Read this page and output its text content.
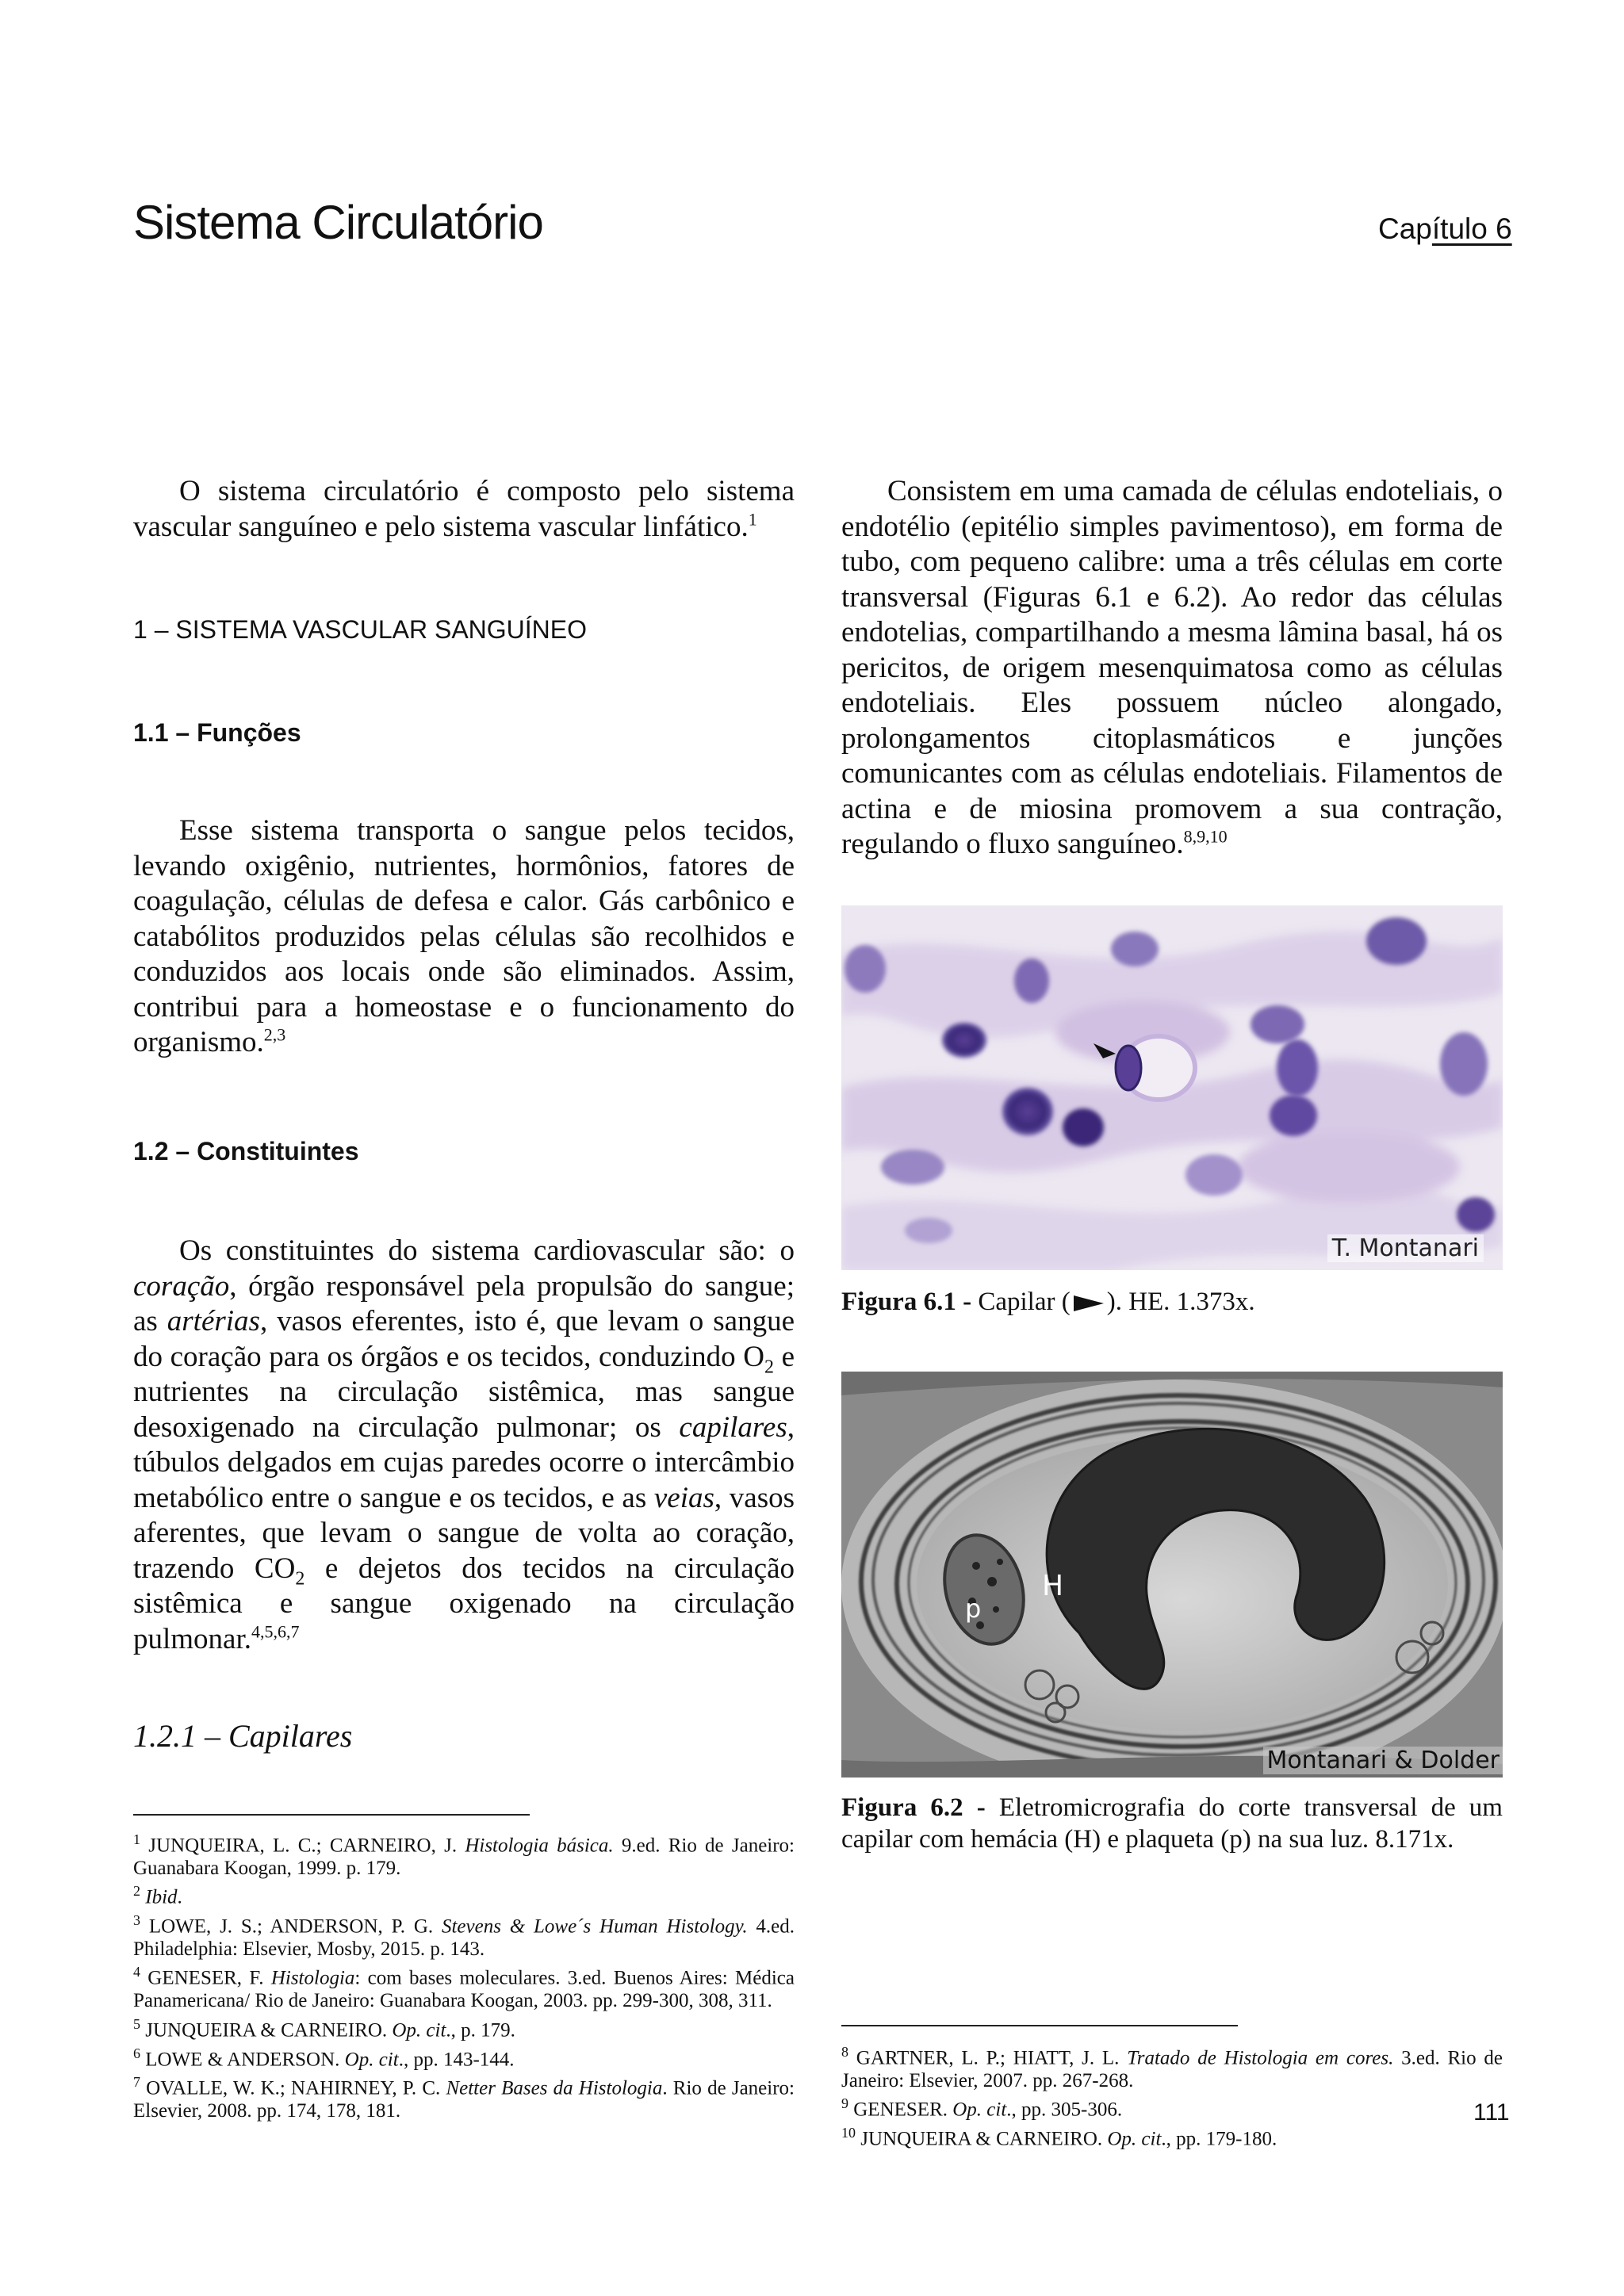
Sistema Circulatório	Capítulo 6

O sistema circulatório é composto pelo sistema vascular sanguíneo e pelo sistema vascular linfático.$^1$

1 – SISTEMA VASCULAR SANGUÍNEO
1.1 – Funções

Esse sistema transporta o sangue pelos tecidos, levando oxigênio, nutrientes, hormônios, fatores de coagulação, células de defesa e calor. Gás carbônico e catabólitos produzidos pelas células são recolhidos e conduzidos aos locais onde são eliminados. Assim, contribui para a homeostase e o funcionamento do organismo.$^{2,3}$

1.2 – Constituintes

Os constituintes do sistema cardiovascular são: o coração, órgão responsável pela propulsão do sangue; as artérias, vasos eferentes, isto é, que levam o sangue do coração para os órgãos e os tecidos, conduzindo $O_2$ e nutrientes na circulação sistêmica, mas sangue desoxigenado na circulação pulmonar; os capilares, túbulos delgados em cujas paredes ocorre o intercâmbio metabólico entre o sangue e os tecidos, e as veias, vasos aferentes, que levam o sangue de volta ao coração, trazendo $CO_2$ e dejetos dos tecidos na circulação sistêmica e sangue oxigenado na circulação pulmonar.$^{4,5,6,7}$

1.2.1 – Capilares

$^1$ JUNQUEIRA, L. C.; CARNEIRO, J. Histologia básica. 9.ed. Rio de Janeiro: Guanabara Koogan, 1999. p. 179.

$^2$ Ibid.

$^3$ LOWE, J. S.; ANDERSON, P. G. Stevens & Lowe´s Human Histology. 4.ed. Philadelphia: Elsevier, Mosby, 2015. p. 143.

$^4$ GENESER, F. Histologia: com bases moleculares. 3.ed. Buenos Aires: Médica Panamericana/ Rio de Janeiro: Guanabara Koogan, 2003. pp. 299-300, 308, 311.

$^5$ JUNQUEIRA & CARNEIRO. Op. cit., p. 179.

$^6$ LOWE & ANDERSON. Op. cit., pp. 143-144.

$^7$ OVALLE, W. K.; NAHIRNEY, P. C. Netter Bases da Histologia. Rio de Janeiro: Elsevier, 2008. pp. 174, 178, 181.

Consistem em uma camada de células endoteliais, o endotélio (epitélio simples pavimentoso), em forma de tubo, com pequeno calibre: uma a três células em corte transversal (Figuras 6.1 e 6.2). Ao redor das células endotelias, compartilhando a mesma lâmina basal, há os pericitos, de origem mesenquimatosa como as células endoteliais. Eles possuem núcleo alongado, prolongamentos citoplasmáticos e junções comunicantes com as células endoteliais. Filamentos de actina e de miosina promovem a sua contração, regulando o fluxo sanguíneo.$^{8,9,10}$

T. Montanari
Figura 6.1 - Capilar ( ). HE. 1.373x.
H
p
Montanari & Dolder
Figura 6.2 - Eletromicrografia do corte transversal de um capilar com hemácia (H) e plaqueta (p) na sua luz. 8.171x.

$^8$ GARTNER, L. P.; HIATT, J. L. Tratado de Histologia em cores. 3.ed. Rio de Janeiro: Elsevier, 2007. pp. 267-268.

$^9$ GENESER. Op. cit., pp. 305-306.

$^{10}$ JUNQUEIRA & CARNEIRO. Op. cit., pp. 179-180.

111
